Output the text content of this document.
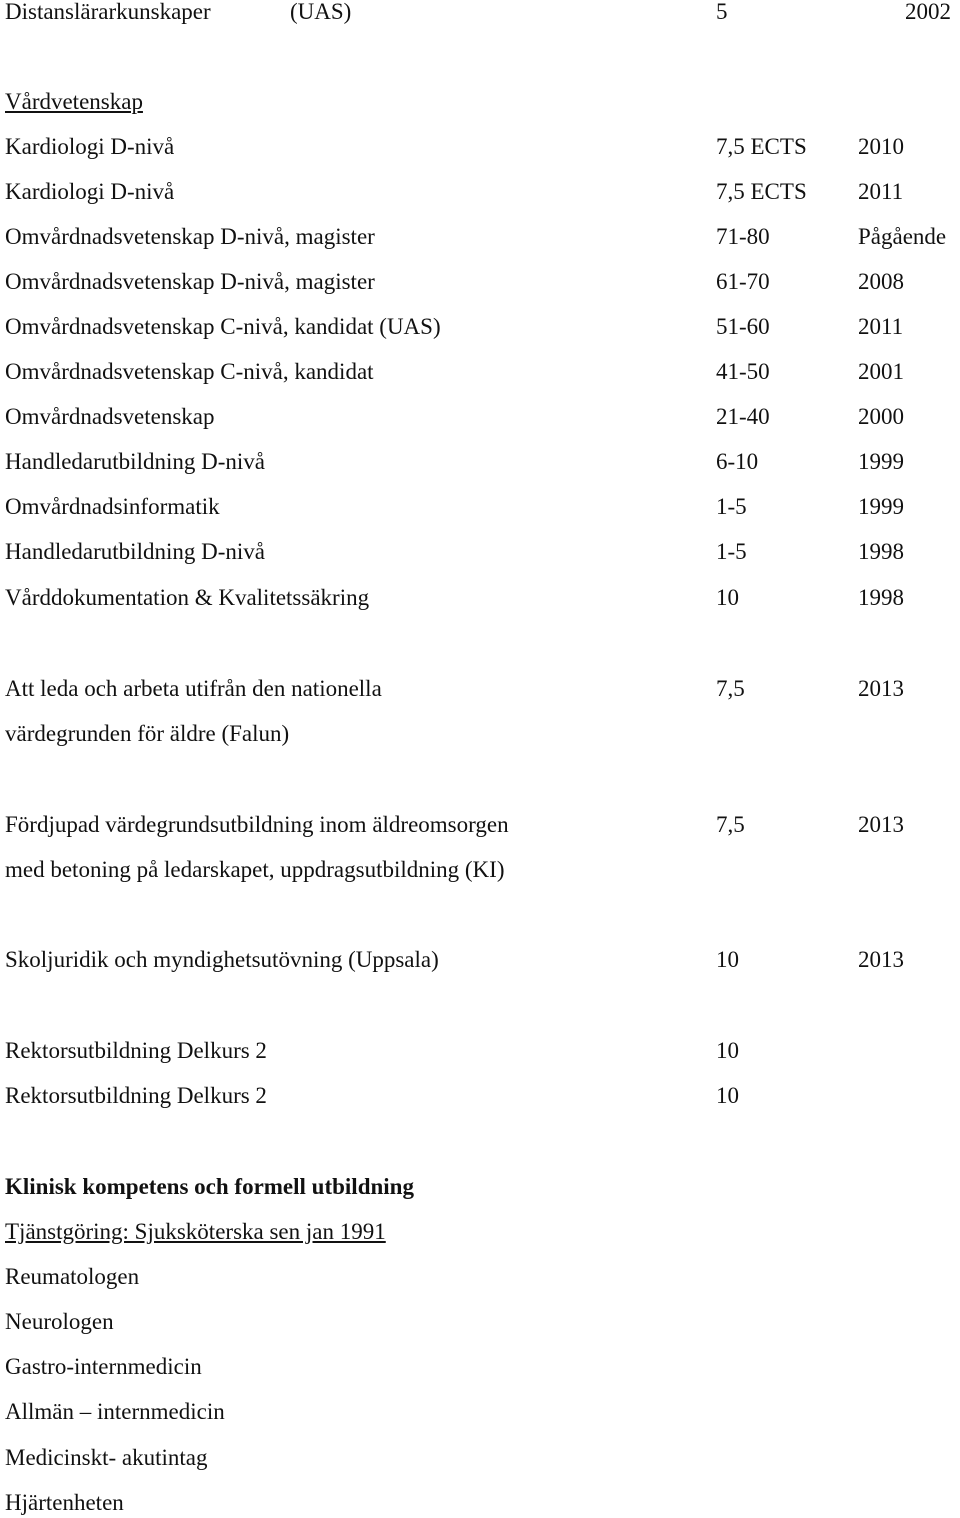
Distanslärarkunskaper	(UAS)	5	2002
Vårdvetenskap
Kardiologi D-nivå	7,5 ECTS 2010
Kardiologi D-nivå	7,5 ECTS 2011
Omvårdnadsvetenskap D-nivå, magister	71-80	Pågående
Omvårdnadsvetenskap D-nivå, magister	61-70	2008
Omvårdnadsvetenskap C-nivå, kandidat (UAS)	51-60	2011
Omvårdnadsvetenskap C-nivå, kandidat	41-50	2001
Omvårdnadsvetenskap	21-40	2000
Handledarutbildning D-nivå	6-10	1999
Omvårdnadsinformatik	1-5	1999
Handledarutbildning D-nivå	1-5	1998
Vårddokumentation & Kvalitetssäkring	10	1998
Att leda och arbeta utifrån den nationella	7,5	2013
värdegrunden för äldre (Falun)
Fördjupad värdegrundsutbildning inom äldreomsorgen	7,5	2013
med betoning på ledarskapet, uppdragsutbildning (KI)
Skoljuridik och myndighetsutövning (Uppsala)	10	2013
Rektorsutbildning Delkurs 2	10
Rektorsutbildning Delkurs 2	10
Klinisk kompetens och formell utbildning
Tjänstgöring: Sjuksköterska sen jan 1991
Reumatologen
Neurologen
Gastro-internmedicin
Allmän – internmedicin
Medicinskt- akutintag
Hjärtenheten
